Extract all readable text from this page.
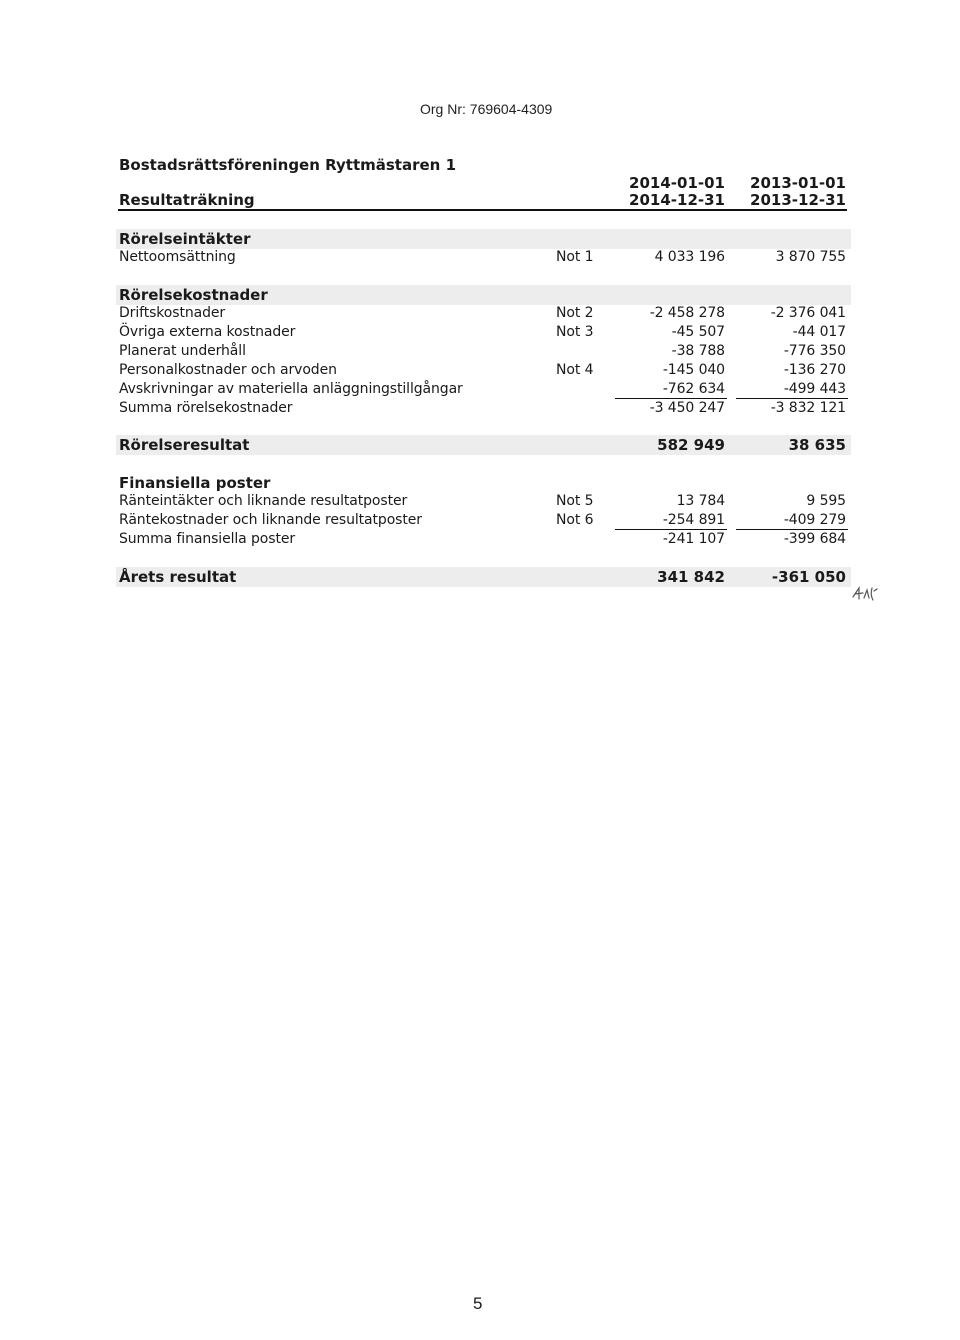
Org Nr: 769604-4309
Bostadsrättsföreningen Ryttmästaren 1
2014-01-01 2013-01-01
Resultaträkning	2014-12-31 2013-12-31
Rörelseintäkter
Nettoomsättning	Not 1	4 033 196	3 870 755
Rörelsekostnader
Driftskostnader	Not 2	-2 458 278	-2 376 041
Övriga externa kostnader	Not 3	-45 507	-44 017
Planerat underhåll	-38 788	-776 350
Personalkostnader och arvoden	Not 4	-145 040	-136 270
Avskrivningar av materiella anläggningstillgångar	-762 634	-499 443
Summa rörelsekostnader	-3 450 247	-3 832 121
Rörelseresultat	582 949	38 635
Finansiella poster
Ränteintäkter och liknande resultatposter	Not 5	13 784	9 595
Räntekostnader och liknande resultatposter	Not 6	-254 891	-409 279
Summa finansiella poster	-241 107	-399 684
Årets resultat	341 842	-361 050
5
